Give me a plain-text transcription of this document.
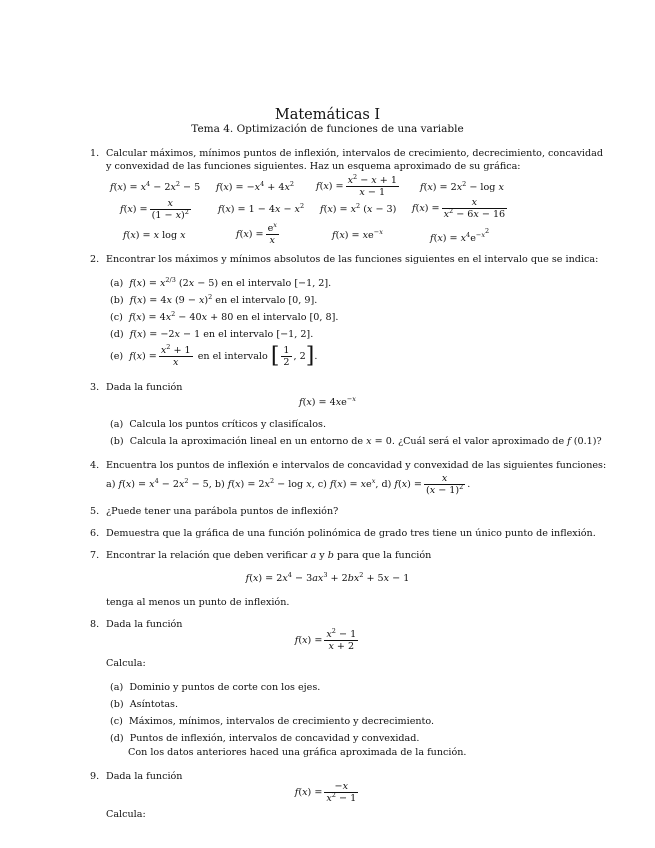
Matemáticas I
Tema 4. Optimización de funciones de una variable
1. Calcular máximos, mínimos puntos de inflexión, intervalos de crecimiento, decrecimiento, concavidad
y convexidad de las funciones siguientes. Haz un esquema aproximado de su gráfica:
$f(x) = x^4 - 2x^2 - 5$ $f(x) = -x^4 + 4x^2$ $f(x) = \frac{x^2 - x + 1}{x - 1} f(x) = 2x^2 - \log x$
$f(x) = \frac{x}{(1 - x)^2}$	$f(x) = 1 - 4x - x^2$ $f(x) = x^2$ (x − 3) $f(x) = \frac{x}{x^2 - 6x - 16}$
f(x) = x log x	$f(x) = \frac{e^x}{x}$	$f(x) = xe^{-x}$
$f(x) = x^4e^{-x^2}$
2. Encontrar los máximos y mínimos absolutos de las funciones siguientes en el intervalo que se indica:
(a) $f(x) = x^{2/3}$ (2x − 5) en el intervalo [−1, 2].
(b) f(x) = 4x $(9 - x)^2$ en el intervalo [0, 9].
(c) $f(x) = 4x^2 - 40x + 80$ en el intervalo [0, 8].
(d) f(x) = −2x − 1 en el intervalo [−1, 2].
(e) $f(x) = \frac{x^2 + 1}{x}$ en el intervalo [ $\frac{1}{2}$ , 2].
3. Dada la función
$f(x) = 4xe^{-x}$
(a) Calcula los puntos críticos y clasifícalos.
(b) Calcula la aproximación lineal en un entorno de x = 0. ¿Cuál será el valor aproximado de f (0.1)?
4. Encuentra los puntos de inflexión e intervalos de concavidad y convexidad de las siguientes funciones:
a) $f(x) = x^4 - 2x^2 - 5$, b) $f(x) = 2x^2 - \log x$, c) $f(x) = xe^x$, d) $f(x) = \frac{x}{(x - 1)^2}$ .
5. ¿Puede tener una parábola puntos de inflexión?
6. Demuestra que la gráfica de una función polinómica de grado tres tiene un único punto de inflexión.
7. Encontrar la relación que deben verificar a y b para que la función
$f(x) = 2x^4 - 3ax^3 + 2bx^2 + 5x - 1$
tenga al menos un punto de inflexión.
8. Dada la función
$f(x) = \frac{x^2 - 1}{x + 2}$
Calcula:
(a) Dominio y puntos de corte con los ejes.
(b) Asíntotas.
(c) Máximos, mínimos, intervalos de crecimiento y decrecimiento.
(d) Puntos de inflexión, intervalos de concavidad y convexidad.
Con los datos anteriores haced una gráfica aproximada de la función.
9. Dada la función
$f(x) = \frac{-x}{x^2 - 1}$
Calcula:
